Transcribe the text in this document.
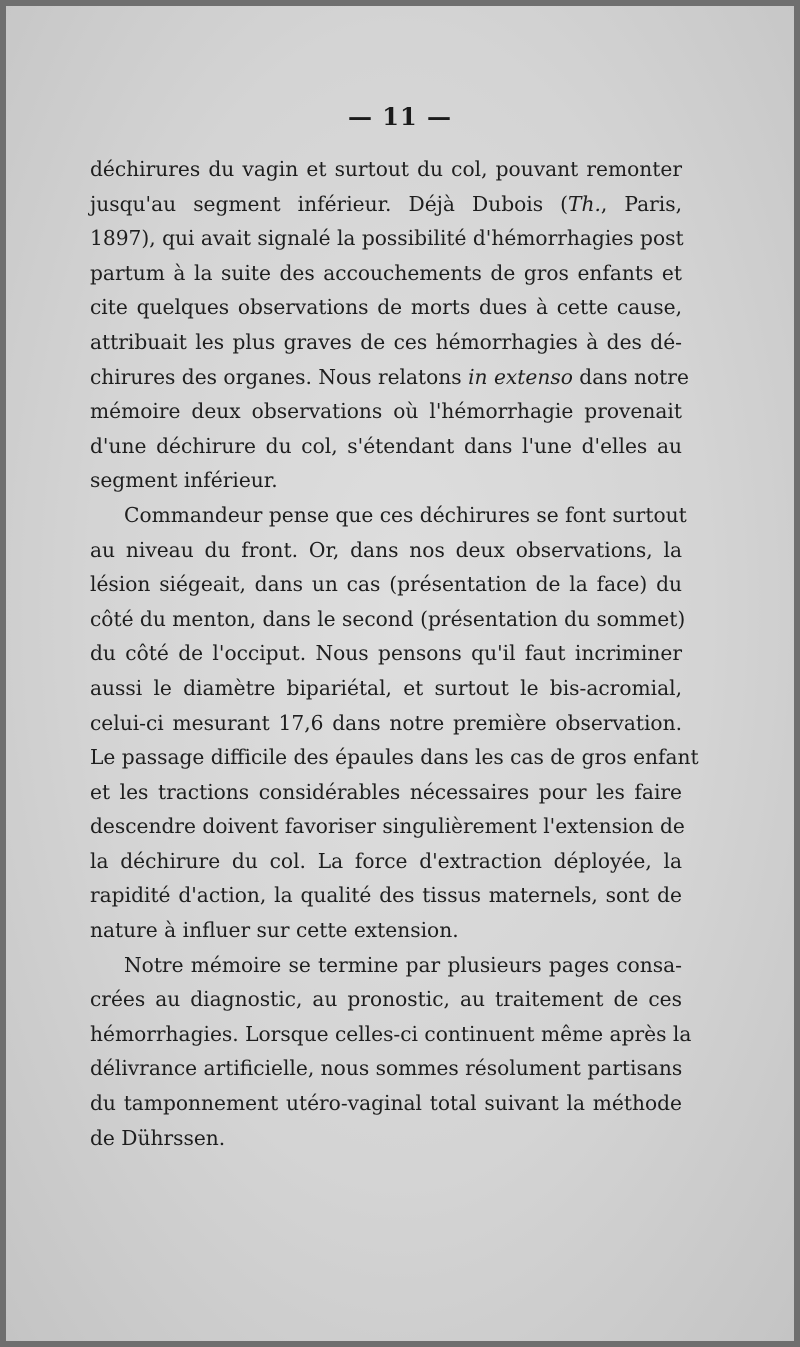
— 11 —
déchirures du vagin et surtout du col, pouvant remonter
jusqu'au segment inférieur. Déjà Dubois (Th., Paris,
1897), qui avait signalé la possibilité d'hémorrhagies post
partum à la suite des accouchements de gros enfants et
cite quelques observations de morts dues à cette cause,
attribuait les plus graves de ces hémorrhagies à des dé-
chirures des organes. Nous relatons in extenso dans notre
mémoire deux observations où l'hémorrhagie provenait
d'une déchirure du col, s'étendant dans l'une d'elles au
segment inférieur.
Commandeur pense que ces déchirures se font surtout
au niveau du front. Or, dans nos deux observations, la
lésion siégeait, dans un cas (présentation de la face) du
côté du menton, dans le second (présentation du sommet)
du côté de l'occiput. Nous pensons qu'il faut incriminer
aussi le diamètre bipariétal, et surtout le bis-acromial,
celui-ci mesurant 17,6 dans notre première observation.
Le passage difficile des épaules dans les cas de gros enfant
et les tractions considérables nécessaires pour les faire
descendre doivent favoriser singulièrement l'extension de
la déchirure du col. La force d'extraction déployée, la
rapidité d'action, la qualité des tissus maternels, sont de
nature à influer sur cette extension.
Notre mémoire se termine par plusieurs pages consa-
crées au diagnostic, au pronostic, au traitement de ces
hémorrhagies. Lorsque celles-ci continuent même après la
délivrance artificielle, nous sommes résolument partisans
du tamponnement utéro-vaginal total suivant la méthode
de Dührssen.
